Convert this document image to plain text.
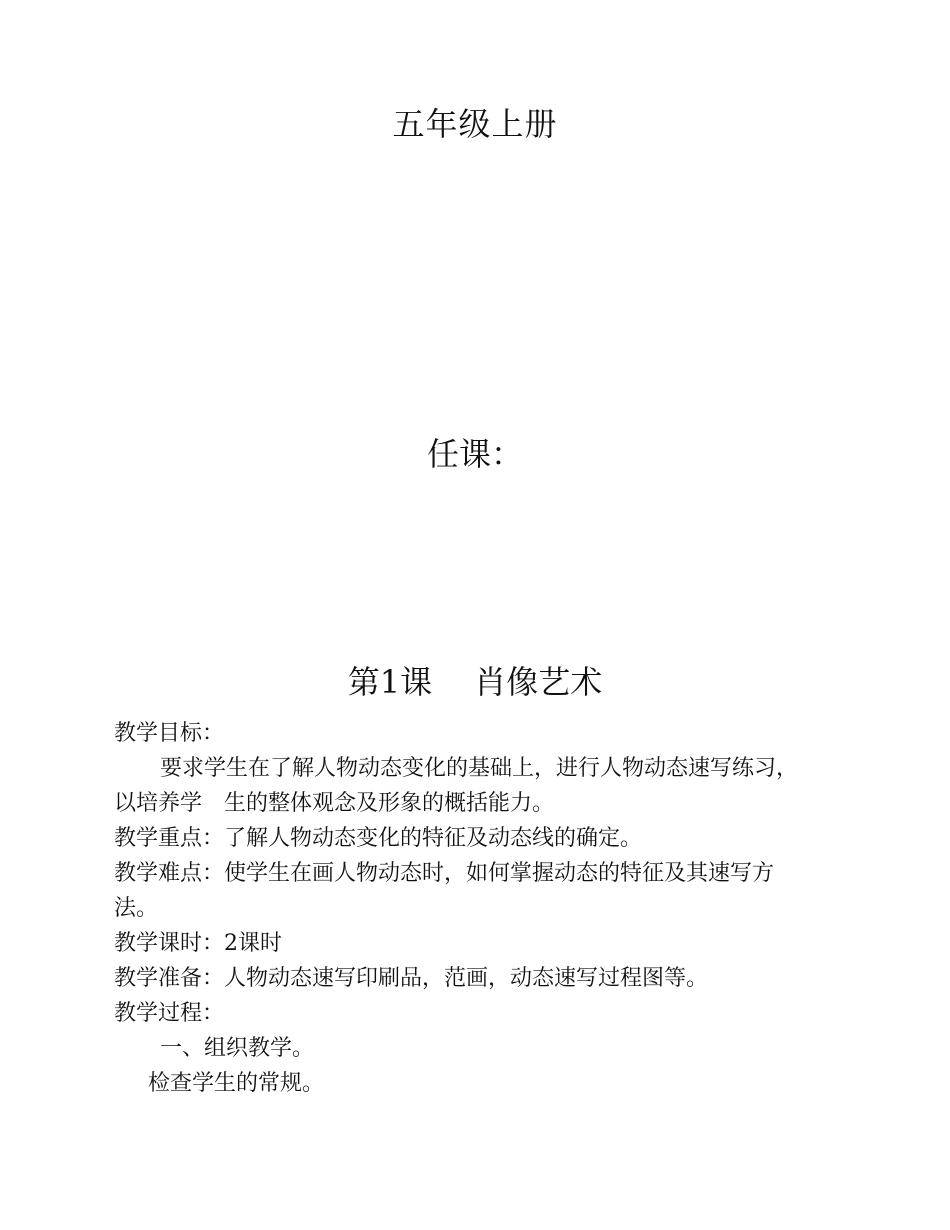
五年级上册
任课：
第1课　 肖像艺术
教学目标：
要求学生在了解人物动态变化的基础上，进行人物动态速写练习，
以培养学　生的整体观念及形象的概括能力。
教学重点：了解人物动态变化的特征及动态线的确定。
教学难点：使学生在画人物动态时，如何掌握动态的特征及其速写方
法。
教学课时：2课时
教学准备：人物动态速写印刷品，范画，动态速写过程图等。
教学过程：
一、组织教学。
检查学生的常规。
